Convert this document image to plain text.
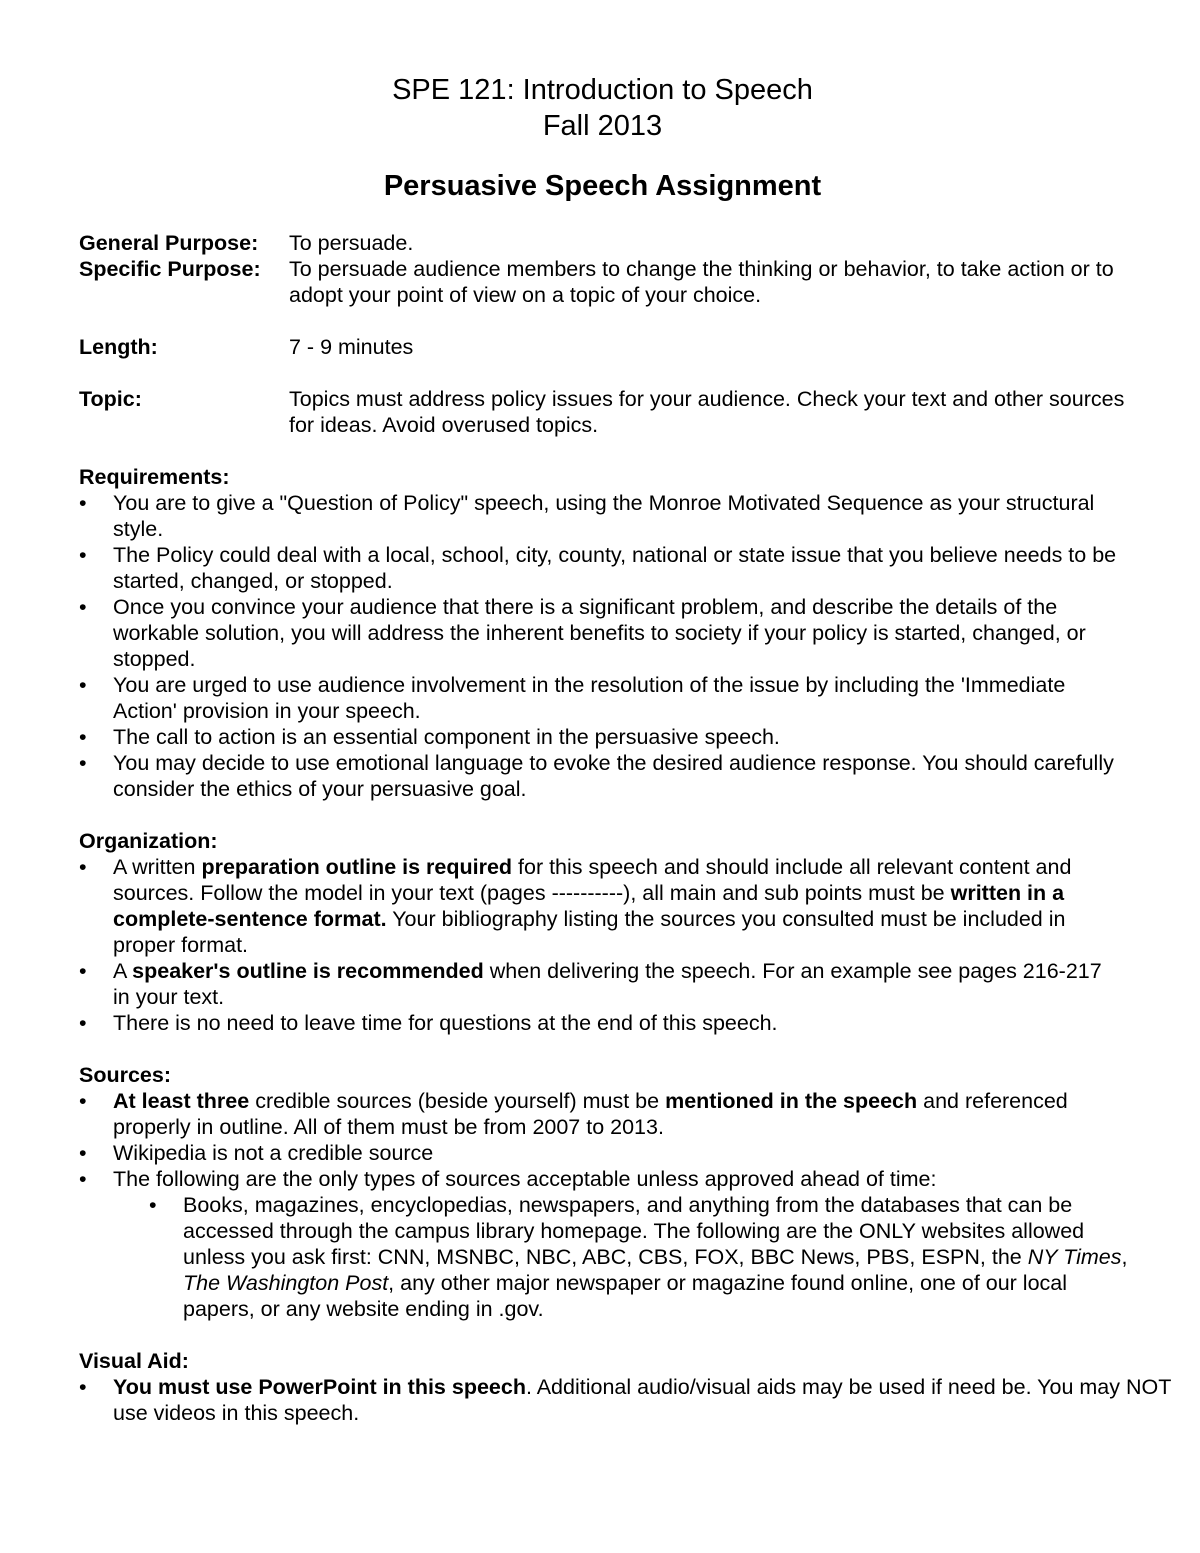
SPE 121: Introduction to Speech
Fall 2013
Persuasive Speech Assignment
General Purpose: To persuade.
Specific Purpose: To persuade audience members to change the thinking or behavior, to take action or to adopt your point of view on a topic of your choice.
Length:	7 - 9 minutes
Topic:	Topics must address policy issues for your audience. Check your text and other sources for ideas. Avoid overused topics.
Requirements:
• You are to give a "Question of Policy" speech, using the Monroe Motivated Sequence as your structural style.
• The Policy could deal with a local, school, city, county, national or state issue that you believe needs to be started, changed, or stopped.
• Once you convince your audience that there is a significant problem, and describe the details of the workable solution, you will address the inherent benefits to society if your policy is started, changed, or stopped.
• You are urged to use audience involvement in the resolution of the issue by including the 'Immediate Action' provision in your speech.
• The call to action is an essential component in the persuasive speech.
• You may decide to use emotional language to evoke the desired audience response. You should carefully consider the ethics of your persuasive goal.
Organization:
• A written preparation outline is required for this speech and should include all relevant content and sources. Follow the model in your text (pages ----------), all main and sub points must be written in a complete-sentence format. Your bibliography listing the sources you consulted must be included in proper format.
• A speaker's outline is recommended when delivering the speech. For an example see pages 216-217 in your text.
• There is no need to leave time for questions at the end of this speech.
Sources:
• At least three credible sources (beside yourself) must be mentioned in the speech and referenced properly in outline. All of them must be from 2007 to 2013.
• Wikipedia is not a credible source
• The following are the only types of sources acceptable unless approved ahead of time:
• Books, magazines, encyclopedias, newspapers, and anything from the databases that can be accessed through the campus library homepage. The following are the ONLY websites allowed unless you ask first: CNN, MSNBC, NBC, ABC, CBS, FOX, BBC News, PBS, ESPN, the NY Times, The Washington Post, any other major newspaper or magazine found online, one of our local papers, or any website ending in .gov.
Visual Aid:
• You must use PowerPoint in this speech. Additional audio/visual aids may be used if need be. You may NOT use videos in this speech.
